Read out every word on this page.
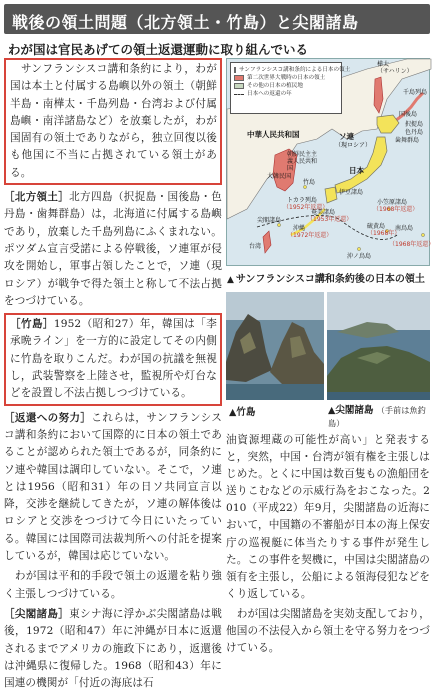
戦後の領土問題（北方領土・竹島）と尖閣諸島
わが国は官民あげての領土返還運動に取り組んでいる
　サンフランシスコ講和条約により，わが国は本土と付属する島嶼以外の領土（朝鮮半島・南樺太・千島列島・台湾および付属島嶼・南洋諸島など）を放棄したが，わが国固有の領土でありながら，独立回復以後も他国に不当に占拠されている領土がある。
［北方領土］北方四島（択捉島・国後島・色丹島・歯舞群島）は，北海道に付属する島嶼であり，放棄した千島列島にふくまれない。ポツダム宣言受諾による停戦後，ソ連軍が侵攻を開始し，軍事占領したことで，ソ連（現ロシア）が戦争で得た領土と称して不法占拠をつづけている。
［竹島］1952（昭和27）年，韓国は「李承晩ライン」を一方的に設定してその内側に竹島を取りこんだ。わが国の抗議を無視し，武装警察を上陸させ，監視所や灯台などを設置し不法占拠しつづけている。
［返還への努力］これらは，サンフランシスコ講和条約において国際的に日本の領土であることが認められた領土であるが，同条約にソ連や韓国は調印していない。そこで，ソ連とは1956（昭和31）年の日ソ共同宣言以降，交渉を継続してきたが，ソ連の解体後はロシアと交渉をつづけて今日にいたっている。韓国には国際司法裁判所への付託を提案しているが，韓国は応じていない。
　わが国は平和的手段で領土の返還を粘り強く主張しつづけている。
［尖閣諸島］東シナ海に浮かぶ尖閣諸島は戦後，1972（昭和47）年に沖縄が日本に返還されるまでアメリカの施政下にあり，返還後は沖縄県に復帰した。1968（昭和43）年に国連の機関が「付近の海底は石
サンフランシスコ講和条約による日本の領土
第二次世界大戦時の日本の領土
その他の日本の植民地
日本への返還の年
樺太
（サハリン）
千島列島
国後島
択捉島
色丹島
歯舞群島
中華人民共和国	ソ連
（現ロシア）
朝鮮民主主義人民共和国
大韓民国
竹島
日本
伊豆諸島
トカラ列島
（1952年返還）
奄美諸島
（1953年返還）
小笠原諸島
（1968年返還）
沖縄
（1972年返還）
尖閣諸島
台湾
硫黄島
（1968年）
南鳥島
（1968年返還）
沖ノ鳥島
▲ サンフランシスコ講和条約後の日本の領土
▲竹島	▲尖閣諸島 （手前は魚釣島）
油資源埋蔵の可能性が高い」と発表すると，突然，中国・台湾が領有権を主張しはじめた。とくに中国は数百隻もの漁船団を送りこむなどの示威行為をおこなった。2010（平成22）年9月，尖閣諸島の近海において，中国籍の不審船が日本の海上保安庁の巡視艇に体当たりする事件が発生した。この事件を契機に，中国は尖閣諸島の領有を主張し，公船による領海侵犯などをくり返している。
　わが国は尖閣諸島を実効支配しており，他国の不法侵入から領土を守る努力をつづけている。
